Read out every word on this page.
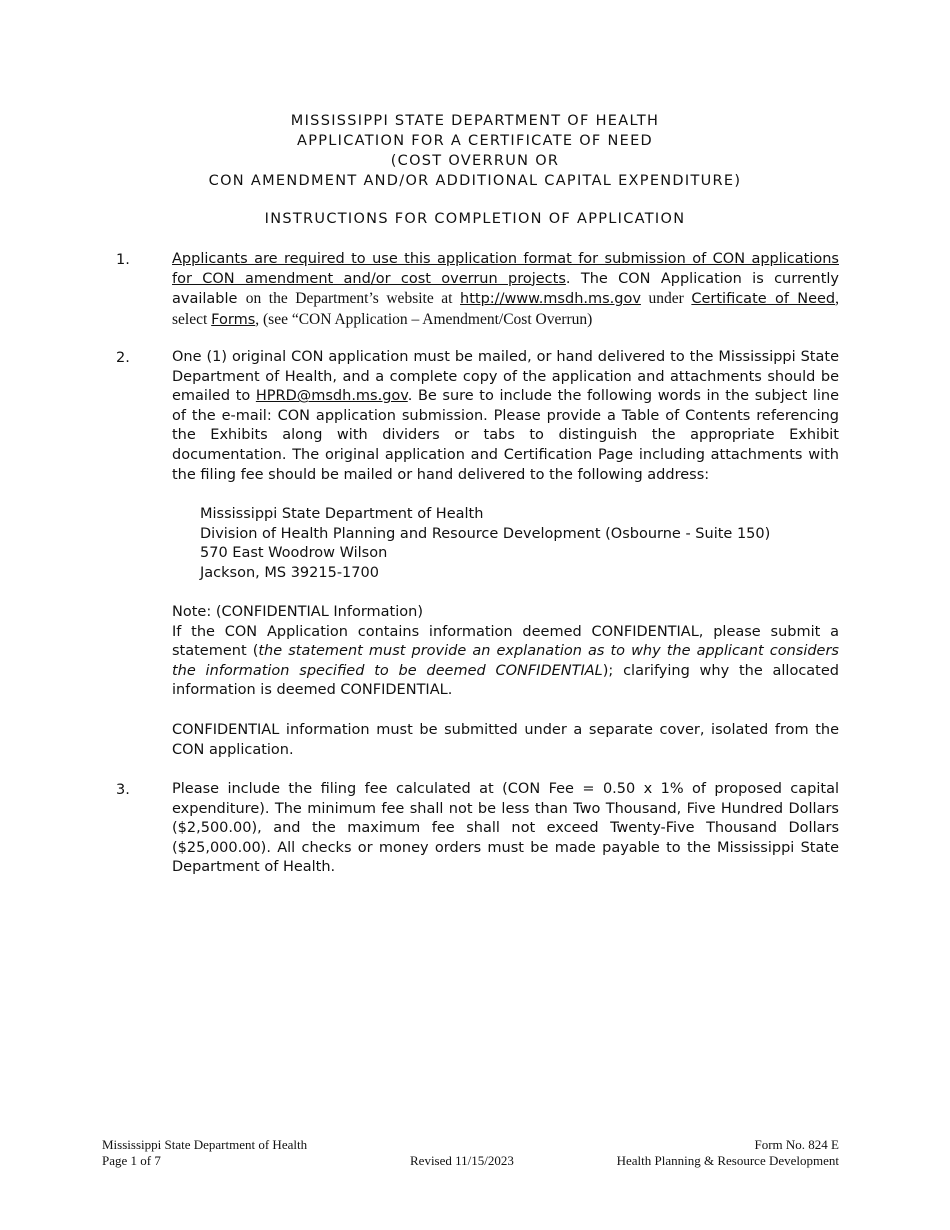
MISSISSIPPI STATE DEPARTMENT OF HEALTH
APPLICATION FOR A CERTIFICATE OF NEED
(COST OVERRUN OR
CON AMENDMENT AND/OR ADDITIONAL CAPITAL EXPENDITURE)
INSTRUCTIONS FOR COMPLETION OF APPLICATION
1.	Applicants are required to use this application format for submission of CON applications for CON amendment and/or cost overrun projects. The CON Application is currently available on the Department’s website at http://www.msdh.ms.gov under Certificate of Need, select Forms, (see “CON Application – Amendment/Cost Overrun)
2.	One (1) original CON application must be mailed, or hand delivered to the Mississippi State Department of Health, and a complete copy of the application and attachments should be emailed to HPRD@msdh.ms.gov. Be sure to include the following words in the subject line of the e-mail: CON application submission. Please provide a Table of Contents referencing the Exhibits along with dividers or tabs to distinguish the appropriate Exhibit documentation. The original application and Certification Page including attachments with the filing fee should be mailed or hand delivered to the following address:
Mississippi State Department of Health
Division of Health Planning and Resource Development (Osbourne - Suite 150)
570 East Woodrow Wilson
Jackson, MS 39215-1700
Note: (CONFIDENTIAL Information)
If the CON Application contains information deemed CONFIDENTIAL, please submit a statement (the statement must provide an explanation as to why the applicant considers the information specified to be deemed CONFIDENTIAL); clarifying why the allocated information is deemed CONFIDENTIAL.
CONFIDENTIAL information must be submitted under a separate cover, isolated from the CON application.
3.	Please include the filing fee calculated at (CON Fee = 0.50 x 1% of proposed capital expenditure). The minimum fee shall not be less than Two Thousand, Five Hundred Dollars ($2,500.00), and the maximum fee shall not exceed Twenty-Five Thousand Dollars ($25,000.00). All checks or money orders must be made payable to the Mississippi State Department of Health.
Mississippi State Department of Health
Page 1 of 7	Revised 11/15/2023
Form No. 824 E
Health Planning & Resource Development
